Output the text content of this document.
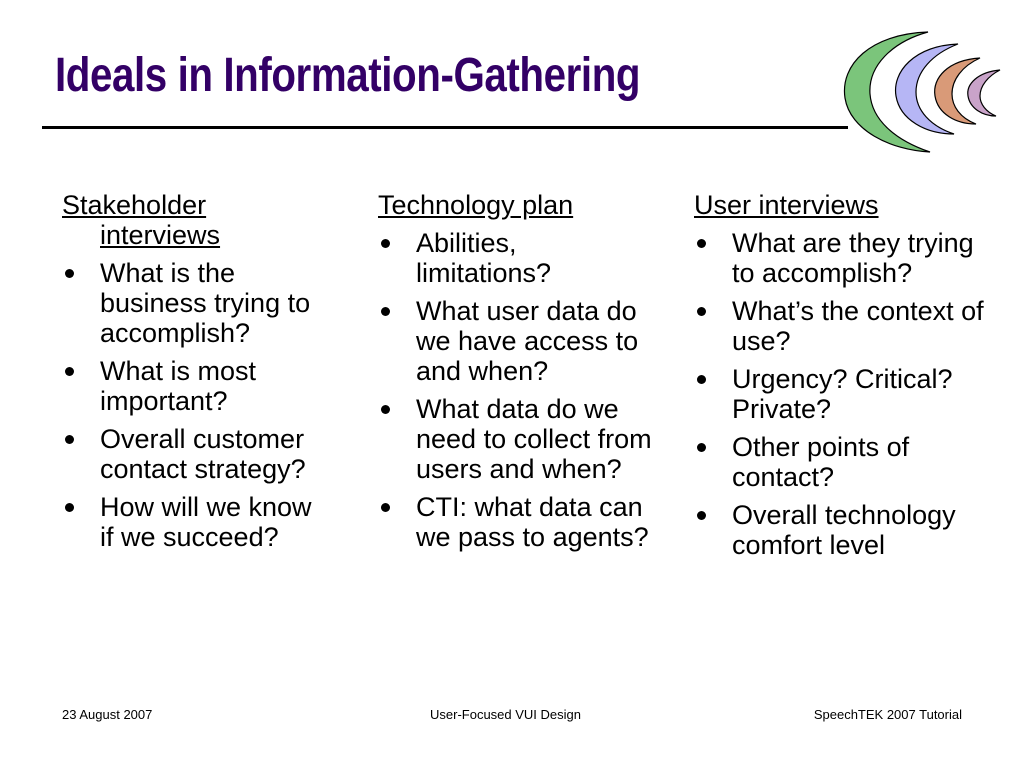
Ideals in Information-Gathering
Stakeholder interviews
What is the business trying to accomplish?
What is most important?
Overall customer contact strategy?
How will we know if we succeed?
Technology plan
Abilities, limitations?
What user data do we have access to and when?
What data do we need to collect from users and when?
CTI: what data can we pass to agents?
User interviews
What are they trying to accomplish?
What’s the context of use?
Urgency? Critical? Private?
Other points of contact?
Overall technology comfort level
23 August 2007	User-Focused VUI Design	SpeechTEK 2007 Tutorial
